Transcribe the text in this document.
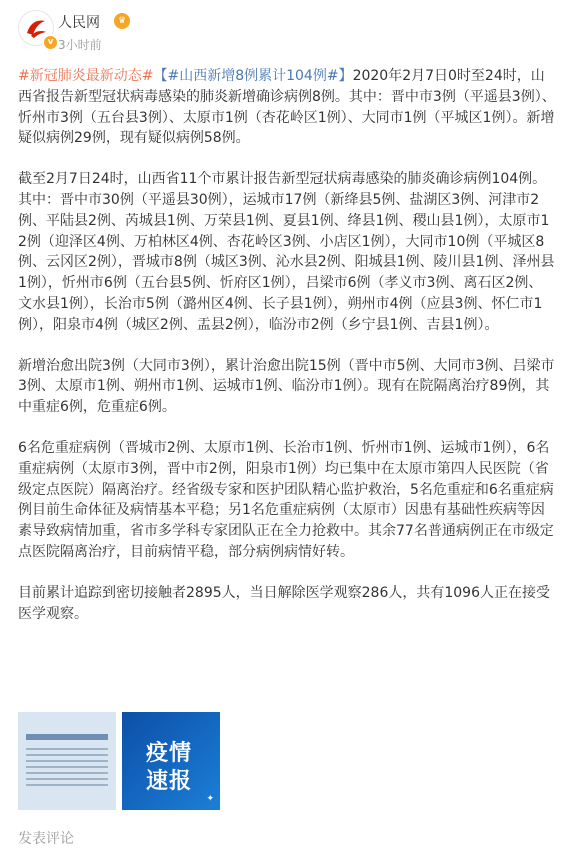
v
人民网	♛
3小时前

#新冠肺炎最新动态#【#山西新增8例累计104例#】2020年2月7日0时至24时，山西省报告新型冠状病毒感染的肺炎新增确诊病例8例。其中：晋中市3例（平遥县3例）、忻州市3例（五台县3例）、太原市1例（杏花岭区1例）、大同市1例（平城区1例）。新增疑似病例29例，现有疑似病例58例。

截至2月7日24时，山西省11个市累计报告新型冠状病毒感染的肺炎确诊病例104例。其中：晋中市30例（平遥县30例），运城市17例（新绛县5例、盐湖区3例、河津市2例、平陆县2例、芮城县1例、万荣县1例、夏县1例、绛县1例、稷山县1例），太原市12例（迎泽区4例、万柏林区4例、杏花岭区3例、小店区1例），大同市10例（平城区8例、云冈区2例），晋城市8例（城区3例、沁水县2例、阳城县1例、陵川县1例、泽州县1例），忻州市6例（五台县5例、忻府区1例），吕梁市6例（孝义市3例、离石区2例、文水县1例），长治市5例（潞州区4例、长子县1例），朔州市4例（应县3例、怀仁市1例），阳泉市4例（城区2例、盂县2例），临汾市2例（乡宁县1例、吉县1例）。

新增治愈出院3例（大同市3例），累计治愈出院15例（晋中市5例、大同市3例、吕梁市3例、太原市1例、朔州市1例、运城市1例、临汾市1例）。现有在院隔离治疗89例，其中重症6例，危重症6例。

6名危重症病例（晋城市2例、太原市1例、长治市1例、忻州市1例、运城市1例），6名重症病例（太原市3例，晋中市2例，阳泉市1例）均已集中在太原市第四人民医院（省级定点医院）隔离治疗。经省级专家和医护团队精心监护救治，5名危重症和6名重症病例目前生命体征及病情基本平稳；另1名危重症病例（太原市）因患有基础性疾病等因素导致病情加重，省市多学科专家团队正在全力抢救中。其余77名普通病例正在市级定点医院隔离治疗，目前病情平稳，部分病例病情好转。

目前累计追踪到密切接触者2895人，当日解除医学观察286人，共有1096人正在接受医学观察。

疫情
速报
✦
发表评论
